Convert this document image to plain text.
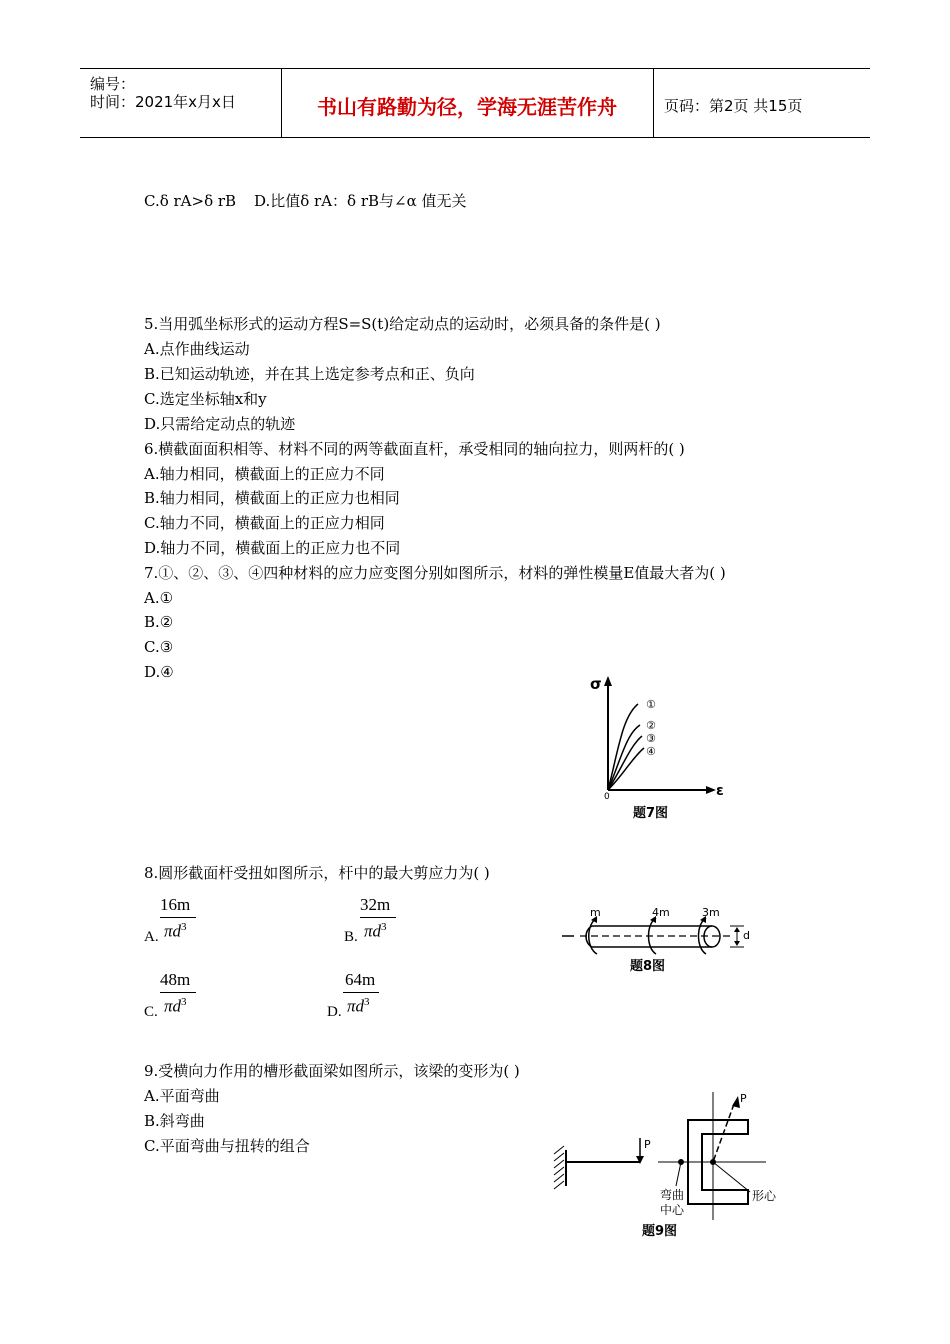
编号：
时间：2021年x月x日	书山有路勤为径，学海无涯苦作舟	页码：第2页 共15页
C.δ rA>δ rB D.比值δ rA：δ rB与∠α 值无关
5.当用弧坐标形式的运动方程S=S(t)给定动点的运动时，必须具备的条件是( )
A.点作曲线运动
B.已知运动轨迹，并在其上选定参考点和正、负向
C.选定坐标轴x和y
D.只需给定动点的轨迹
6.横截面面积相等、材料不同的两等截面直杆，承受相同的轴向拉力，则两杆的( )
A.轴力相同，横截面上的正应力不同
B.轴力相同，横截面上的正应力也相同
C.轴力不同，横截面上的正应力相同
D.轴力不同，横截面上的正应力也不同
7.①、②、③、④四种材料的应力应变图分别如图所示，材料的弹性模量E值最大者为( )
A.①
B.②
C.③
D.④
σ
ε
0
①
②
③
④
题7图
8.圆形截面杆受扭如图所示，杆中的最大剪应力为( )
A.
16m
$\pi d^3$
B.
32m
$\pi d^3$
C.
48m
$\pi d^3$
D.
64m
$\pi d^3$
m	4m	3m
d
题8图
9.受横向力作用的槽形截面梁如图所示，该梁的变形为( )
A.平面弯曲
B.斜弯曲
C.平面弯曲与扭转的组合	P
P
弯曲
中心
形心
题9图
